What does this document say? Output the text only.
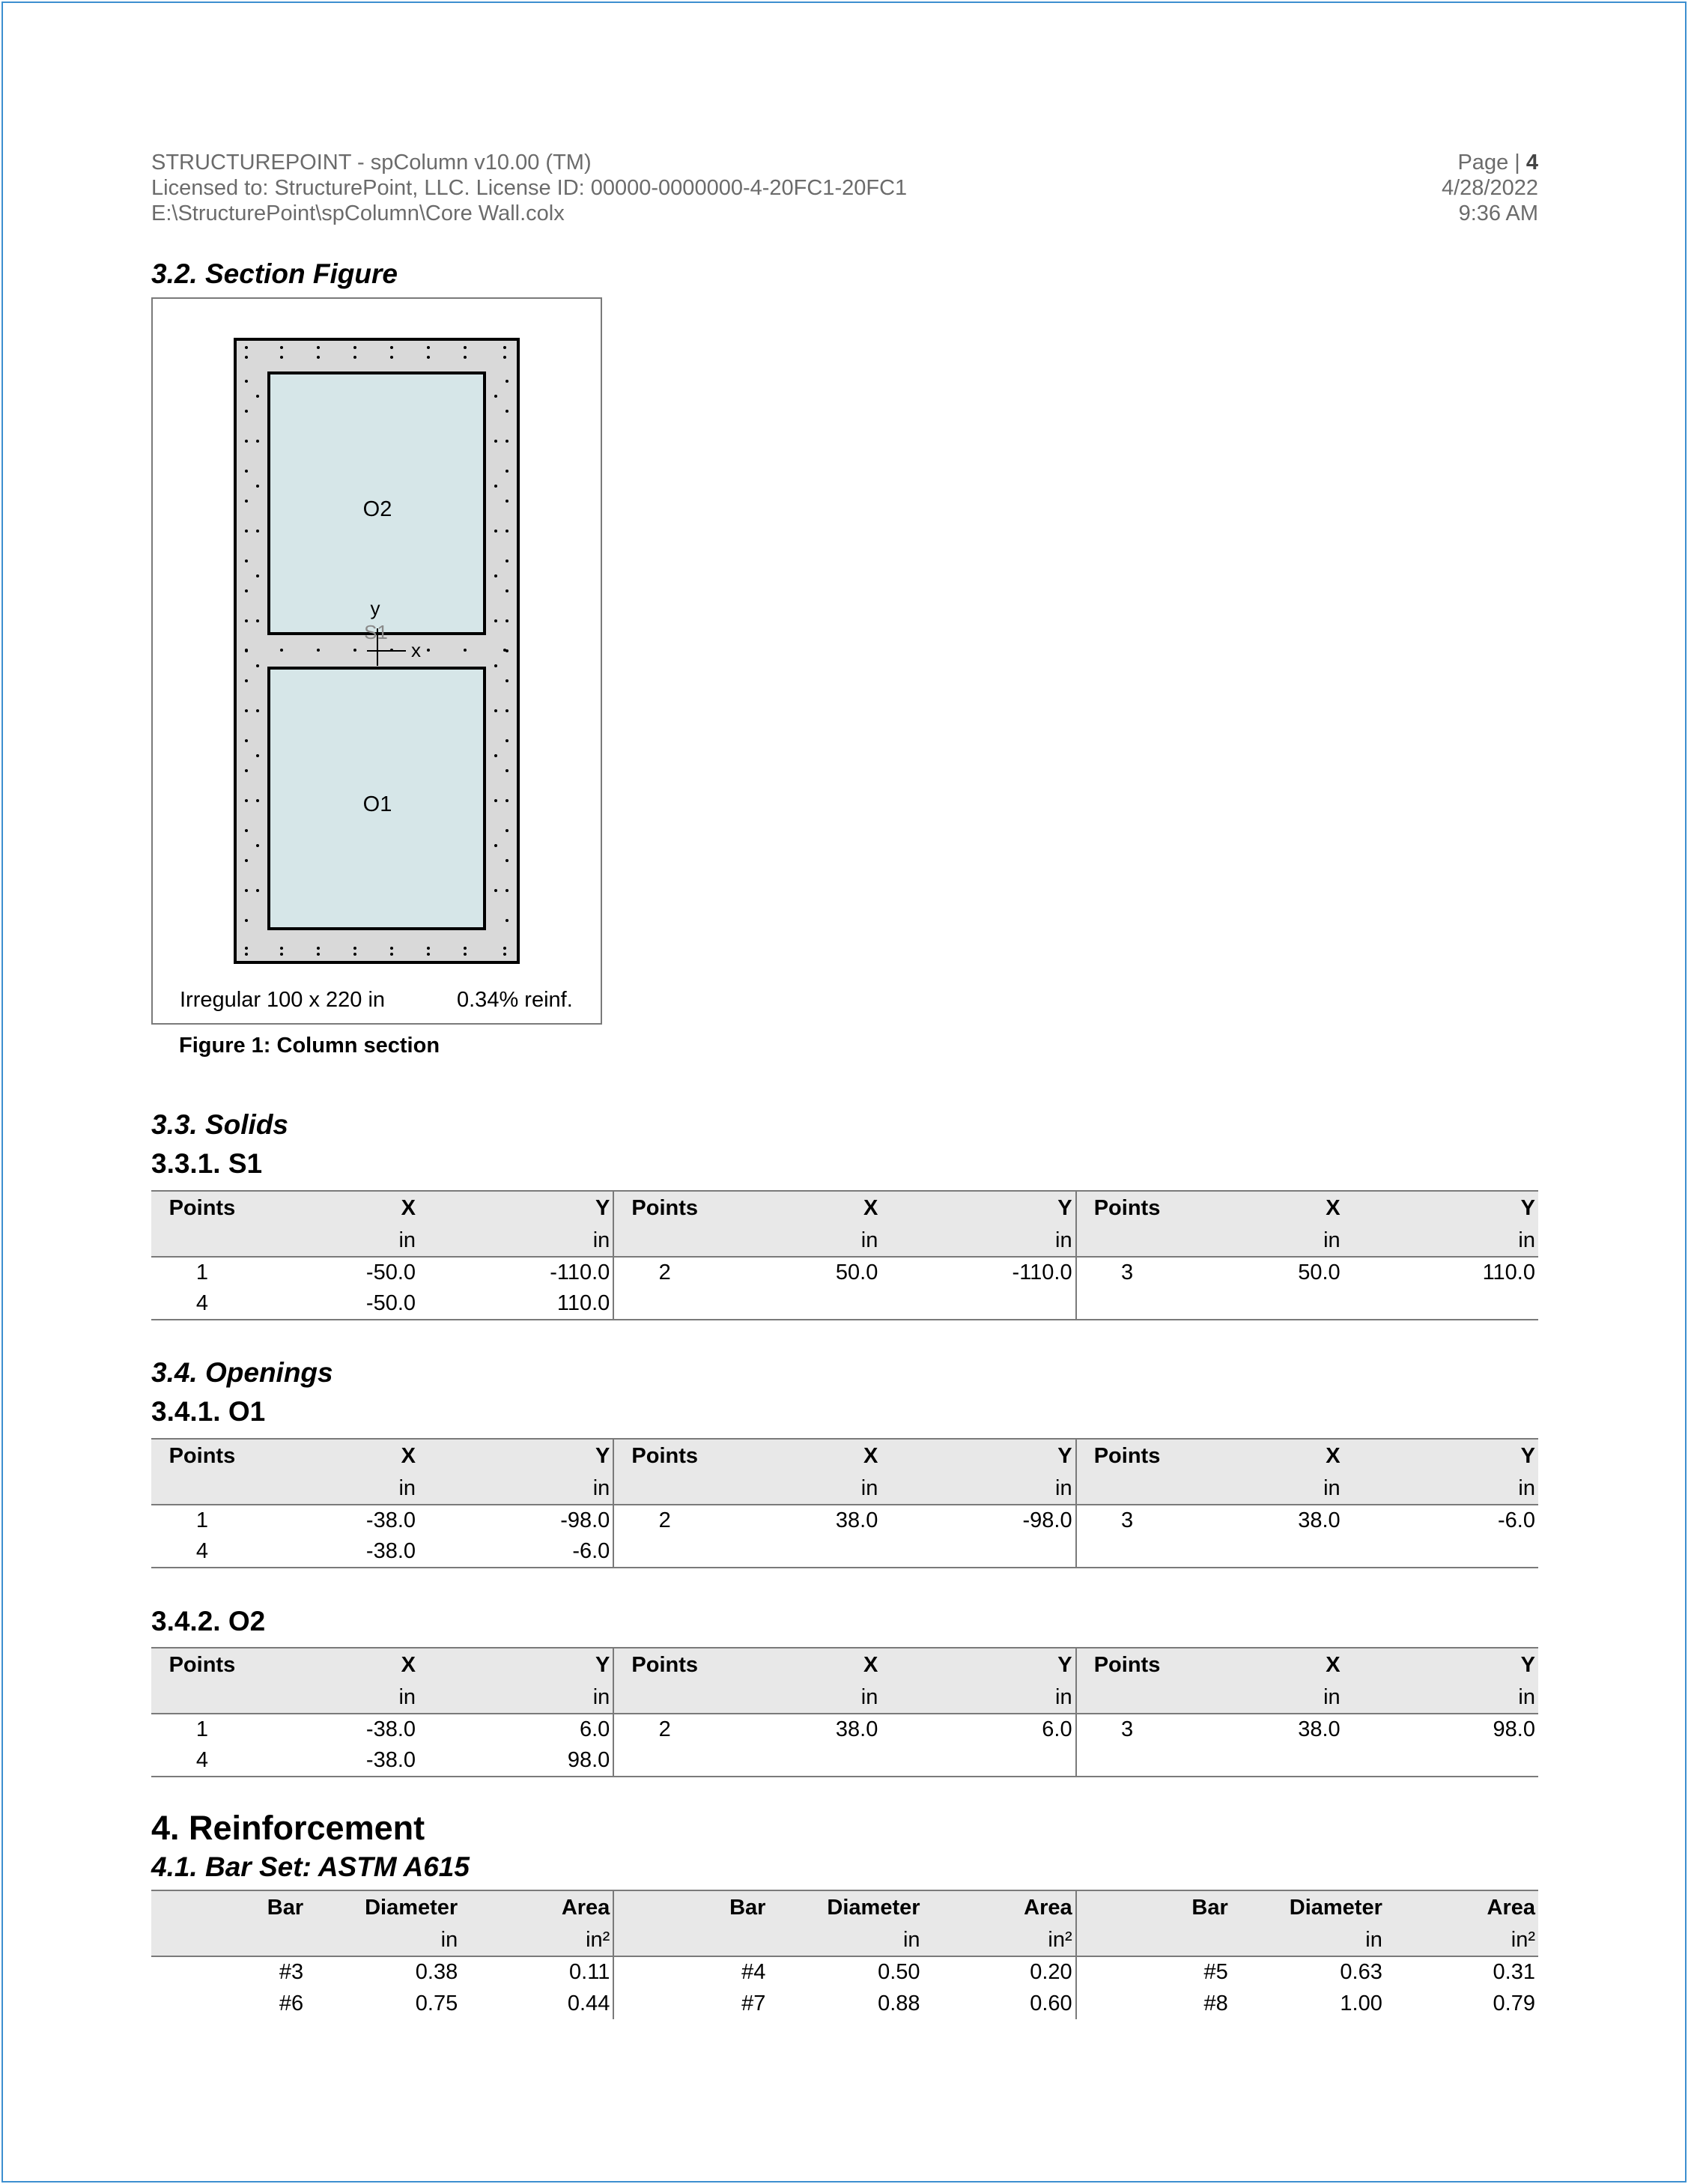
STRUCTUREPOINT - spColumn v10.00 (TM)
Licensed to: StructurePoint, LLC. License ID: 00000-0000000-4-20FC1-20FC1
E:\StructurePoint\spColumn\Core Wall.colx
Page | 4
4/28/2022
9:36 AM
3.2. Section Figure
O2
O1
S1
y
x
Irregular 100 x 220 in	0.34% reinf.
Figure 1: Column section
3.3. Solids
3.3.1. S1
Points	X	Y	Points	X	Y	Points	X	Y
	in	in		in	in		in	in
1	-50.0	-110.0	2	50.0	-110.0	3	50.0	110.0
4	-50.0	110.0						
3.4. Openings
3.4.1. O1
Points	X	Y	Points	X	Y	Points	X	Y
	in	in		in	in		in	in
1	-38.0	-98.0	2	38.0	-98.0	3	38.0	-6.0
4	-38.0	-6.0						
3.4.2. O2
Points	X	Y	Points	X	Y	Points	X	Y
	in	in		in	in		in	in
1	-38.0	6.0	2	38.0	6.0	3	38.0	98.0
4	-38.0	98.0						
4. Reinforcement
4.1. Bar Set: ASTM A615
Bar	Diameter	Area	Bar	Diameter	Area	Bar	Diameter	Area
	in	in²		in	in²		in	in²
#3	0.38	0.11	#4	0.50	0.20	#5	0.63	0.31
#6	0.75	0.44	#7	0.88	0.60	#8	1.00	0.79
